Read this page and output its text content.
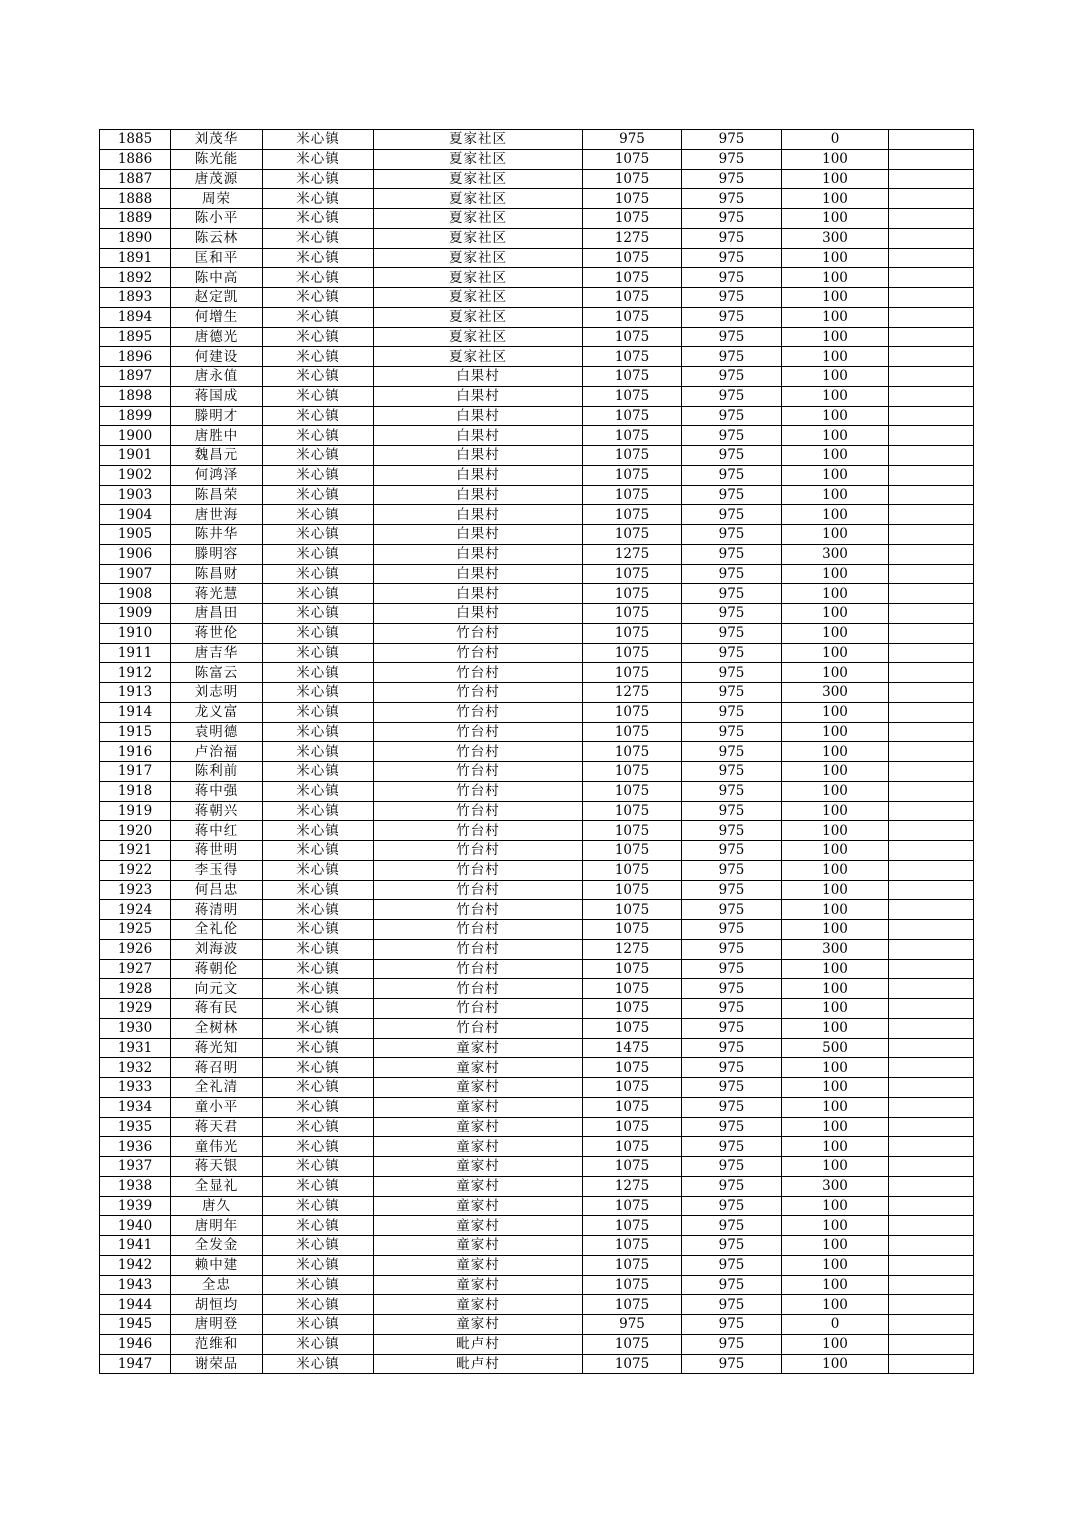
1885	刘茂华	米心镇	夏家社区	975	975	0	
1886	陈光能	米心镇	夏家社区	1075	975	100	
1887	唐茂源	米心镇	夏家社区	1075	975	100	
1888	周荣	米心镇	夏家社区	1075	975	100	
1889	陈小平	米心镇	夏家社区	1075	975	100	
1890	陈云林	米心镇	夏家社区	1275	975	300	
1891	匡和平	米心镇	夏家社区	1075	975	100	
1892	陈中高	米心镇	夏家社区	1075	975	100	
1893	赵定凯	米心镇	夏家社区	1075	975	100	
1894	何增生	米心镇	夏家社区	1075	975	100	
1895	唐德光	米心镇	夏家社区	1075	975	100	
1896	何建设	米心镇	夏家社区	1075	975	100	
1897	唐永值	米心镇	白果村	1075	975	100	
1898	蒋国成	米心镇	白果村	1075	975	100	
1899	滕明才	米心镇	白果村	1075	975	100	
1900	唐胜中	米心镇	白果村	1075	975	100	
1901	魏昌元	米心镇	白果村	1075	975	100	
1902	何鸿泽	米心镇	白果村	1075	975	100	
1903	陈昌荣	米心镇	白果村	1075	975	100	
1904	唐世海	米心镇	白果村	1075	975	100	
1905	陈井华	米心镇	白果村	1075	975	100	
1906	滕明容	米心镇	白果村	1275	975	300	
1907	陈昌财	米心镇	白果村	1075	975	100	
1908	蒋光慧	米心镇	白果村	1075	975	100	
1909	唐昌田	米心镇	白果村	1075	975	100	
1910	蒋世伦	米心镇	竹台村	1075	975	100	
1911	唐吉华	米心镇	竹台村	1075	975	100	
1912	陈富云	米心镇	竹台村	1075	975	100	
1913	刘志明	米心镇	竹台村	1275	975	300	
1914	龙义富	米心镇	竹台村	1075	975	100	
1915	袁明德	米心镇	竹台村	1075	975	100	
1916	卢治福	米心镇	竹台村	1075	975	100	
1917	陈利前	米心镇	竹台村	1075	975	100	
1918	蒋中强	米心镇	竹台村	1075	975	100	
1919	蒋朝兴	米心镇	竹台村	1075	975	100	
1920	蒋中红	米心镇	竹台村	1075	975	100	
1921	蒋世明	米心镇	竹台村	1075	975	100	
1922	李玉得	米心镇	竹台村	1075	975	100	
1923	何吕忠	米心镇	竹台村	1075	975	100	
1924	蒋清明	米心镇	竹台村	1075	975	100	
1925	全礼伦	米心镇	竹台村	1075	975	100	
1926	刘海波	米心镇	竹台村	1275	975	300	
1927	蒋朝伦	米心镇	竹台村	1075	975	100	
1928	向元文	米心镇	竹台村	1075	975	100	
1929	蒋有民	米心镇	竹台村	1075	975	100	
1930	全树林	米心镇	竹台村	1075	975	100	
1931	蒋光知	米心镇	童家村	1475	975	500	
1932	蒋召明	米心镇	童家村	1075	975	100	
1933	全礼清	米心镇	童家村	1075	975	100	
1934	童小平	米心镇	童家村	1075	975	100	
1935	蒋天君	米心镇	童家村	1075	975	100	
1936	童伟光	米心镇	童家村	1075	975	100	
1937	蒋天银	米心镇	童家村	1075	975	100	
1938	全显礼	米心镇	童家村	1275	975	300	
1939	唐久	米心镇	童家村	1075	975	100	
1940	唐明年	米心镇	童家村	1075	975	100	
1941	全发金	米心镇	童家村	1075	975	100	
1942	赖中建	米心镇	童家村	1075	975	100	
1943	全忠	米心镇	童家村	1075	975	100	
1944	胡恒均	米心镇	童家村	1075	975	100	
1945	唐明登	米心镇	童家村	975	975	0	
1946	范维和	米心镇	毗卢村	1075	975	100	
1947	谢荣品	米心镇	毗卢村	1075	975	100	
